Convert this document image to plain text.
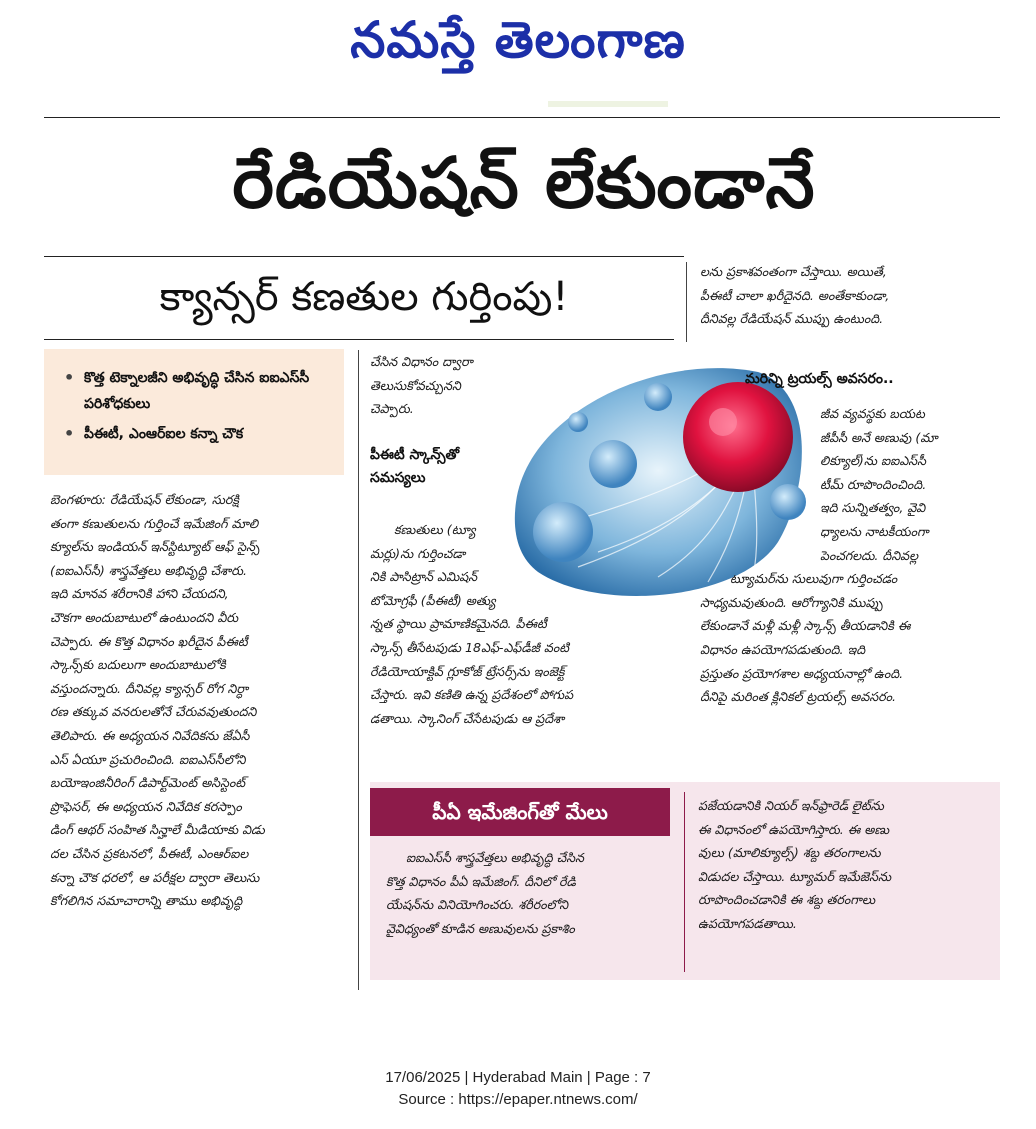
నమస్తే తెలంగాణ
రేడియేషన్ లేకుండానే
క్యాన్సర్ కణతుల గుర్తింపు!
• కొత్త టెక్నాలజీని అభివృద్ధి చేసిన ఐఐఎస్‌సీ పరిశోధకులు
• పీఈటీ, ఎంఆర్‌ఐల కన్నా చౌక

బెంగళూరు: రేడియేషన్ లేకుండా, సురక్షి

తంగా కణుతులను గుర్తించే ఇమేజింగ్ మాలి

క్యూల్‌ను ఇండియన్ ఇన్‌స్టిట్యూట్ ఆఫ్ సైన్స్

(ఐఐఎస్‌సీ) శాస్త్రవేత్తలు అభివృద్ధి చేశారు.

ఇది మానవ శరీరానికి హాని చేయదని,

చౌకగా అందుబాటులో ఉంటుందని వీరు

చెప్పారు. ఈ కొత్త విధానం ఖరీదైన పీఈటీ

స్కాన్స్‌కు బదులుగా అందుబాటులోకి

వస్తుందన్నారు. దీనివల్ల క్యాన్సర్ రోగ నిర్ధా

రణ తక్కువ వనరులతోనే చేరువవుతుందని

తెలిపారు. ఈ అధ్యయన నివేదికను జేఏసీ

ఎస్ ఏయూ ప్రచురించింది. ఐఐఎస్‌సీలోని

బయోఇంజినీరింగ్ డిపార్ట్‌మెంట్ అసిస్టెంట్

ప్రొఫెసర్, ఈ అధ్యయన నివేదిక కరస్పాం

డింగ్ ఆథర్ సంహిత సిన్హాలే మీడియాకు విడు

దల చేసిన ప్రకటనలో, పీఈటీ, ఎంఆర్‌ఐల

కన్నా చౌక ధరలో, ఆ పరీక్షల ద్వారా తెలుసు

కోగలిగిన సమాచారాన్ని తాము అభివృద్ధి

చేసిన విధానం ద్వారా

తెలుసుకోవచ్చునని

చెప్పారు.

పీఈటీ స్కాన్స్‌తో సమస్యలు

కణుతులు (ట్యూ

మర్లు)ను గుర్తించడా

నికి పాసిట్రాన్ ఎమిషన్

టోమోగ్రఫీ (పీఈటీ) అత్యు

న్నత స్థాయి ప్రామాణికమైనది. పీఈటీ

స్కాన్స్ తీసేటపుడు 18ఎఫ్-ఎఫ్‌డీజీ వంటి

రేడియోయాక్టివ్ గ్లూకోజ్ ట్రేసర్స్‌ను ఇంజెక్ట్

చేస్తారు. ఇవి కణితి ఉన్న ప్రదేశంలో పోగుప

డతాయి. స్కానింగ్ చేసేటపుడు ఆ ప్రదేశా

లను ప్రకాశవంతంగా చేస్తాయి. అయితే,

పీఈటీ చాలా ఖరీదైనది. అంతేకాకుండా,

దీనివల్ల రేడియేషన్ ముప్పు ఉంటుంది.

మరిన్ని ట్రయల్స్ అవసరం..

జీవ వ్యవస్థకు బయట

జీపీసీ అనే అణువు (మా

లిక్యూల్)ను ఐఐఎస్‌సీ

టీమ్ రూపొందించింది.

ఇది సున్నితత్వం, వైవి

ధ్యాలను నాటకీయంగా

పెంచగలదు. దీనివల్ల

ట్యూమర్‌ను సులువుగా గుర్తించడం

సాధ్యమవుతుంది. ఆరోగ్యానికి ముప్పు

లేకుండానే మళ్లీ మళ్లీ స్కాన్స్ తీయడానికి ఈ

విధానం ఉపయోగపడుతుంది. ఇది

ప్రస్తుతం ప్రయోగశాల అధ్యయనాల్లో ఉంది.

దీనిపై మరింత క్లినికల్ ట్రయల్స్ అవసరం.

పీఏ ఇమేజింగ్‌తో మేలు

ఐఐఎస్‌సీ శాస్త్రవేత్తలు అభివృద్ధి చేసిన

కొత్త విధానం పీఏ ఇమేజింగ్. దీనిలో రేడి

యేషన్‌ను వినియోగించరు. శరీరంలోని

వైవిధ్యంతో కూడిన అణువులను ప్రకాశిం

పజేయడానికి నియర్ ఇన్‌ఫ్రారెడ్ లైట్‌ను

ఈ విధానంలో ఉపయోగిస్తారు. ఈ అణు

వులు (మాలిక్యూల్స్) శబ్ద తరంగాలను

విడుదల చేస్తాయి. ట్యూమర్ ఇమేజెస్‌ను

రూపొందించడానికి ఈ శబ్ద తరంగాలు

ఉపయోగపడతాయి.

17/06/2025 | Hyderabad Main | Page : 7
Source : https://epaper.ntnews.com/
